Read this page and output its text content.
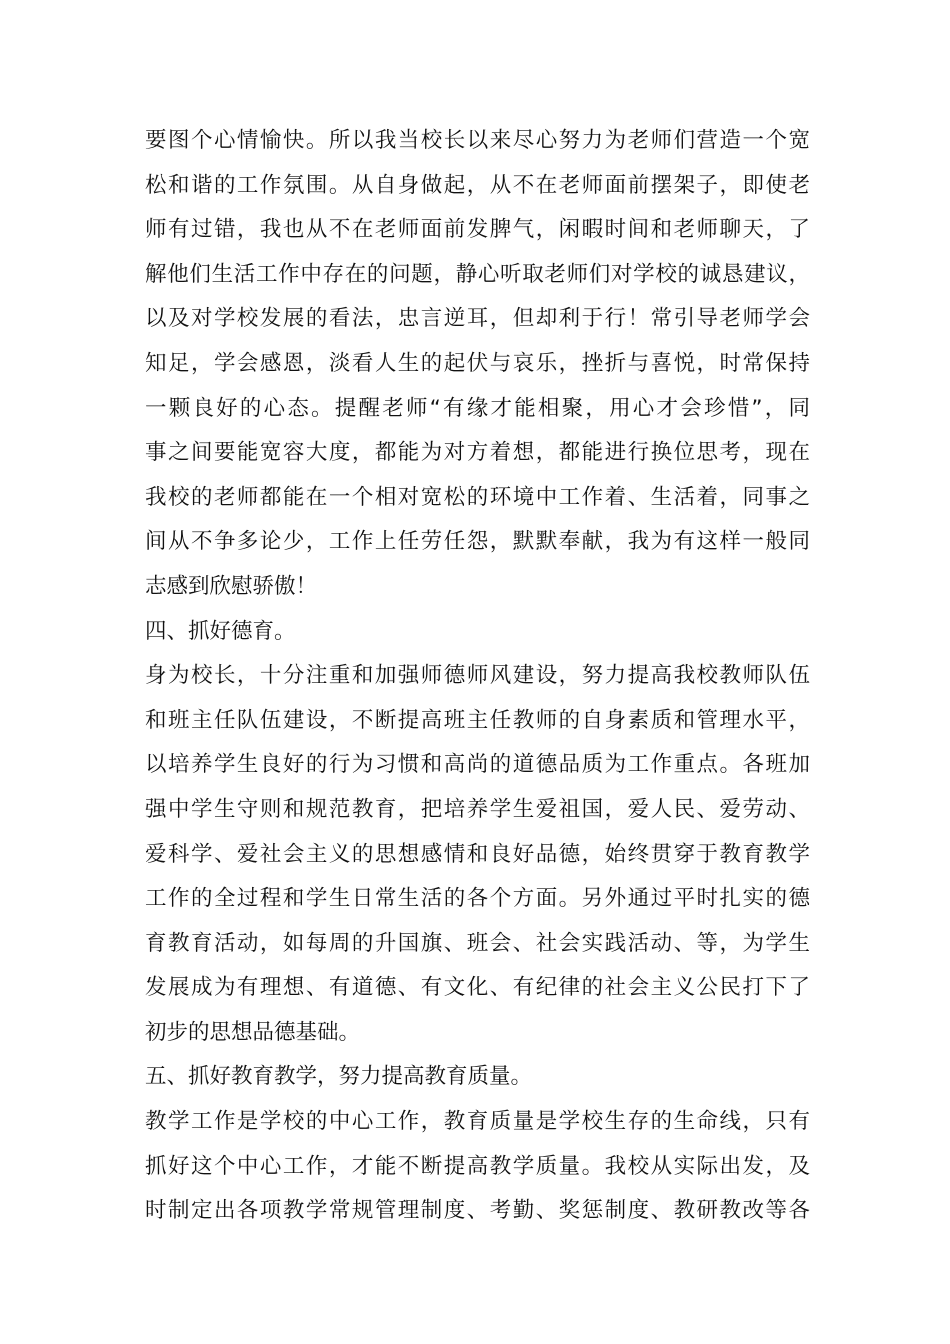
要图个心情愉快。所以我当校长以来尽心努力为老师们营造一个宽
松和谐的工作氛围。从自身做起，从不在老师面前摆架子，即使老
师有过错，我也从不在老师面前发脾气，闲暇时间和老师聊天，了
解他们生活工作中存在的问题，静心听取老师们对学校的诚恳建议，
以及对学校发展的看法，忠言逆耳，但却利于行！常引导老师学会
知足，学会感恩，淡看人生的起伏与哀乐，挫折与喜悦，时常保持
一颗良好的心态。提醒老师“有缘才能相聚，用心才会珍惜”，同
事之间要能宽容大度，都能为对方着想，都能进行换位思考，现在
我校的老师都能在一个相对宽松的环境中工作着、生活着，同事之
间从不争多论少，工作上任劳任怨，默默奉献，我为有这样一般同
志感到欣慰骄傲！
四、抓好德育。
身为校长，十分注重和加强师德师风建设，努力提高我校教师队伍
和班主任队伍建设，不断提高班主任教师的自身素质和管理水平，
以培养学生良好的行为习惯和高尚的道德品质为工作重点。各班加
强中学生守则和规范教育，把培养学生爱祖国，爱人民、爱劳动、
爱科学、爱社会主义的思想感情和良好品德，始终贯穿于教育教学
工作的全过程和学生日常生活的各个方面。另外通过平时扎实的德
育教育活动，如每周的升国旗、班会、社会实践活动、等，为学生
发展成为有理想、有道德、有文化、有纪律的社会主义公民打下了
初步的思想品德基础。
五、抓好教育教学，努力提高教育质量。
教学工作是学校的中心工作，教育质量是学校生存的生命线，只有
抓好这个中心工作，才能不断提高教学质量。我校从实际出发，及
时制定出各项教学常规管理制度、考勤、奖惩制度、教研教改等各
